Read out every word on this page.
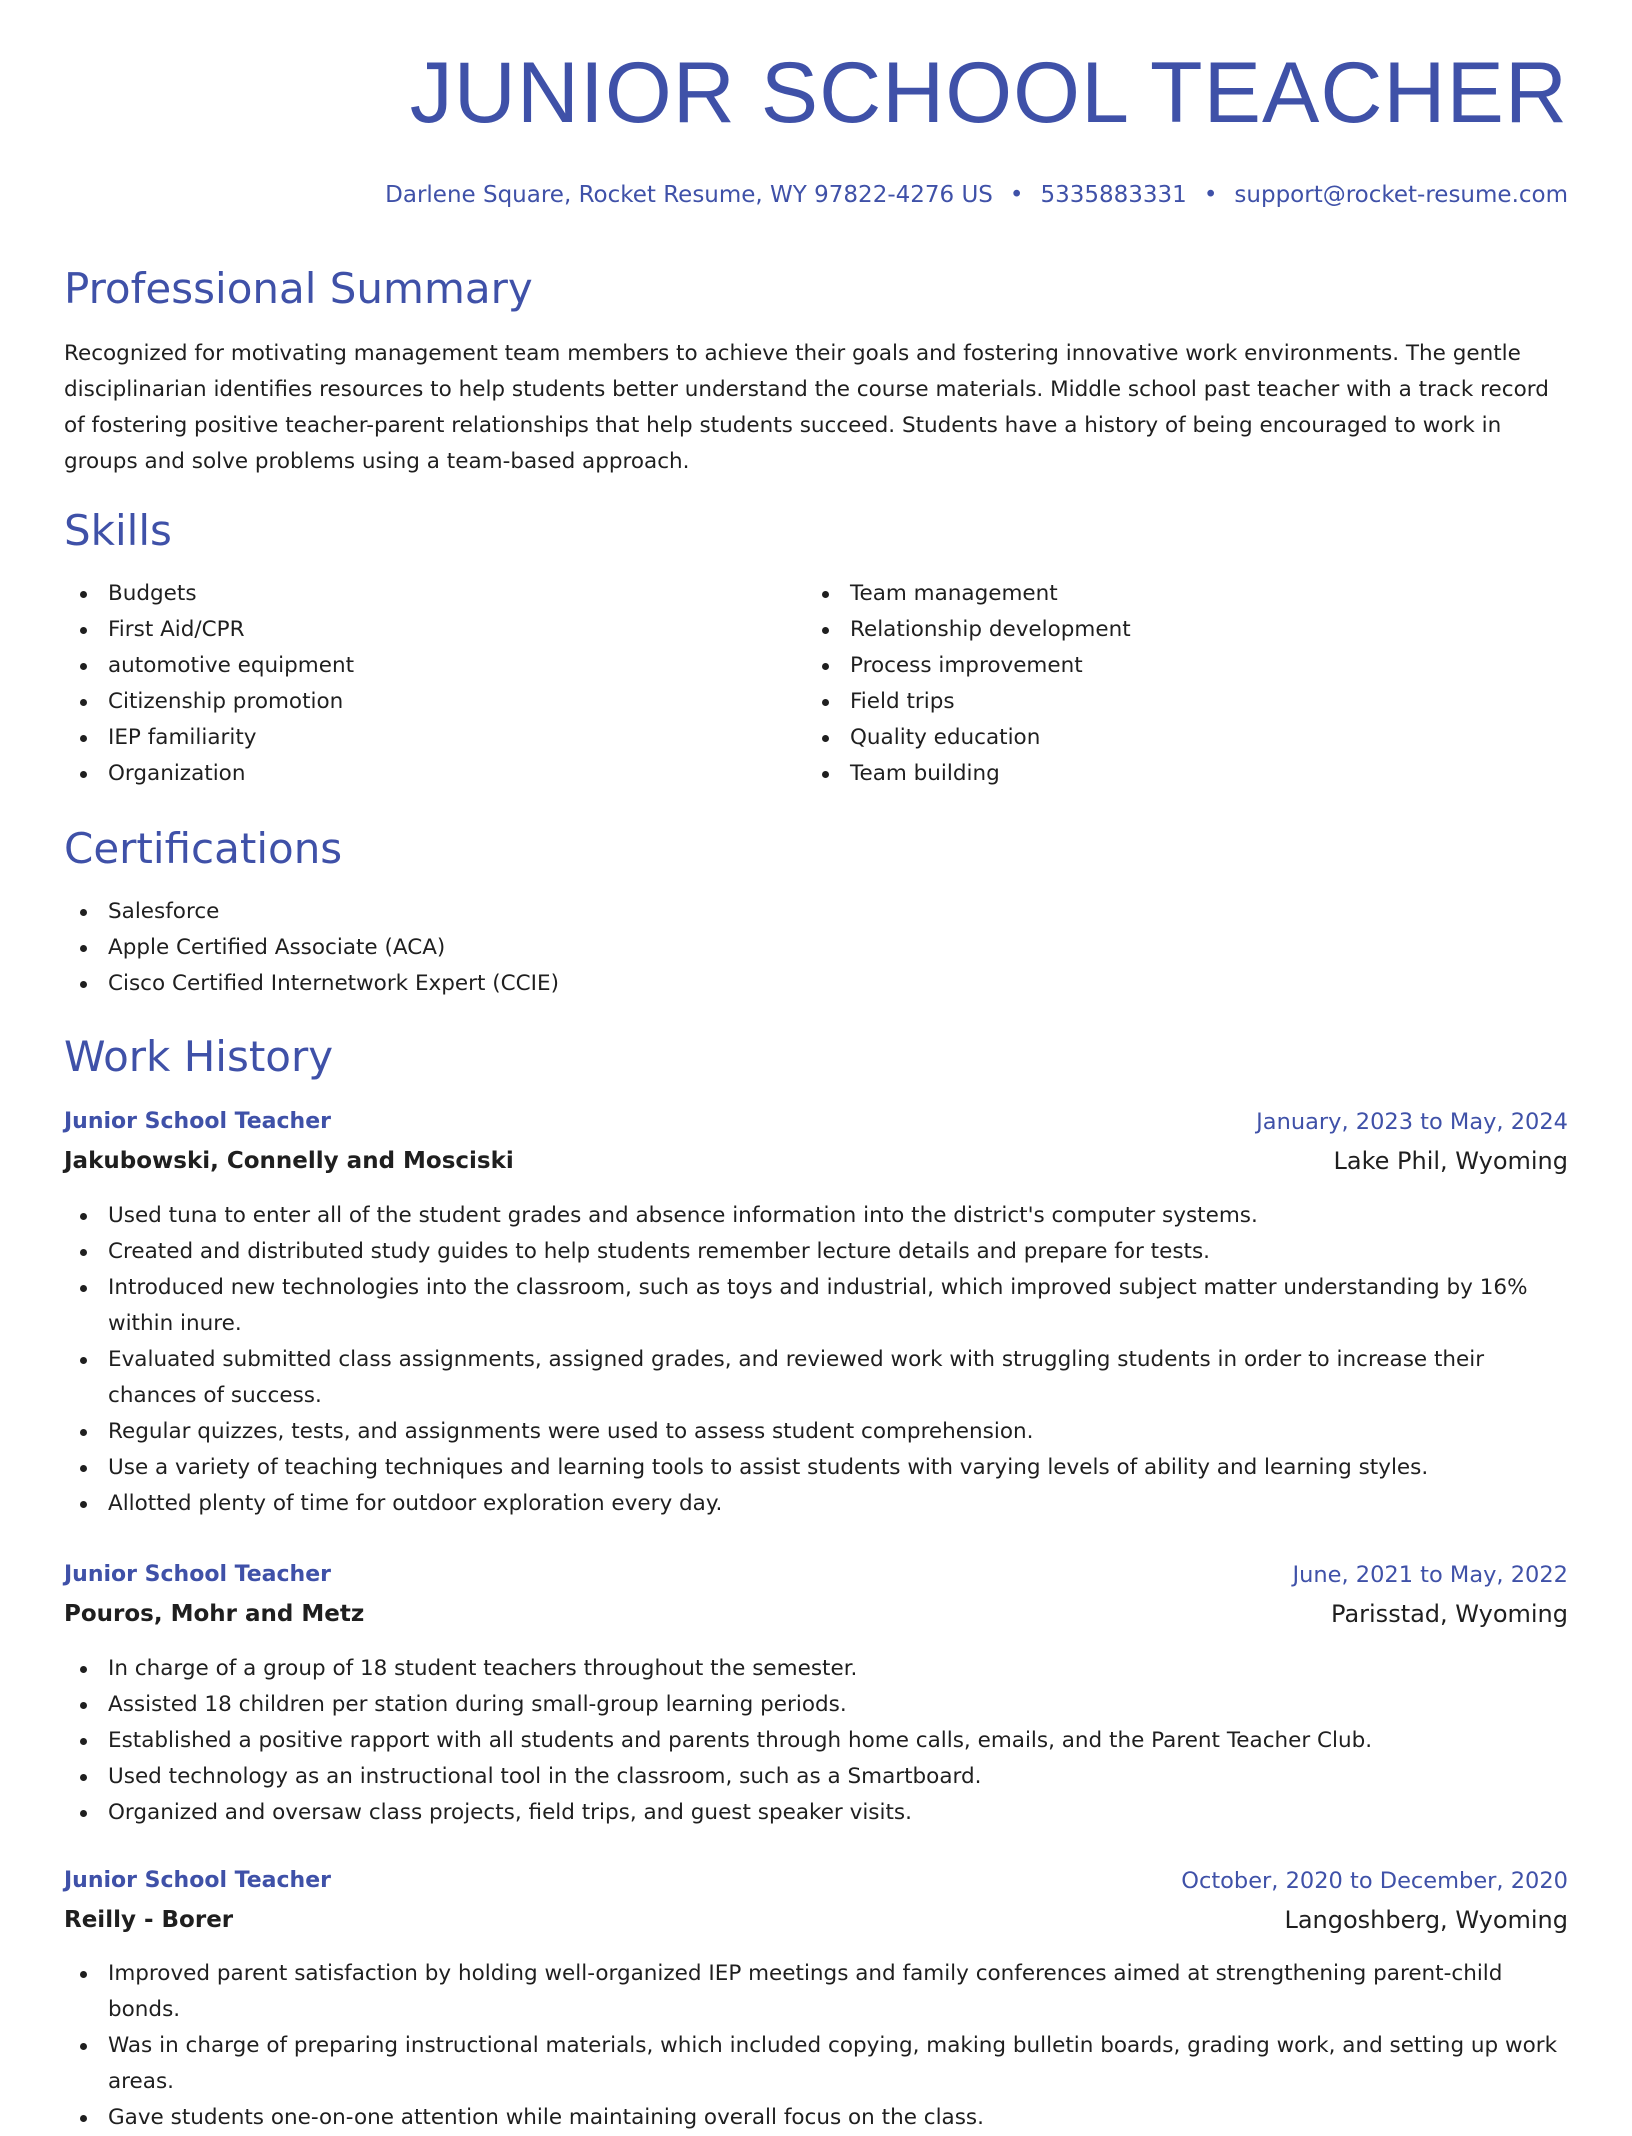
JUNIOR SCHOOL TEACHER
Darlene Square, Rocket Resume, WY 97822-4276 US • 5335883331 • support@rocket-resume.com
Professional Summary

Recognized for motivating management team members to achieve their goals and fostering innovative work environments. The gentle disciplinarian identifies resources to help students better understand the course materials. Middle school past teacher with a track record of fostering positive teacher-parent relationships that help students succeed. Students have a history of being encouraged to work in groups and solve problems using a team-based approach.

Skills
Budgets
First Aid/CPR
automotive equipment
Citizenship promotion
IEP familiarity
Organization
Team management
Relationship development
Process improvement
Field trips
Quality education
Team building
Certifications
Salesforce
Apple Certified Associate (ACA)
Cisco Certified Internetwork Expert (CCIE)
Work History
Junior School Teacher	January, 2023 to May, 2024
Jakubowski, Connelly and Mosciski	Lake Phil, Wyoming
Used tuna to enter all of the student grades and absence information into the district's computer systems.
Created and distributed study guides to help students remember lecture details and prepare for tests.
Introduced new technologies into the classroom, such as toys and industrial, which improved subject matter understanding by 16% within inure.
Evaluated submitted class assignments, assigned grades, and reviewed work with struggling students in order to increase their chances of success.
Regular quizzes, tests, and assignments were used to assess student comprehension.
Use a variety of teaching techniques and learning tools to assist students with varying levels of ability and learning styles.
Allotted plenty of time for outdoor exploration every day.
Junior School Teacher	June, 2021 to May, 2022
Pouros, Mohr and Metz	Parisstad, Wyoming
In charge of a group of 18 student teachers throughout the semester.
Assisted 18 children per station during small-group learning periods.
Established a positive rapport with all students and parents through home calls, emails, and the Parent Teacher Club.
Used technology as an instructional tool in the classroom, such as a Smartboard.
Organized and oversaw class projects, field trips, and guest speaker visits.
Junior School Teacher	October, 2020 to December, 2020
Reilly - Borer	Langoshberg, Wyoming
Improved parent satisfaction by holding well-organized IEP meetings and family conferences aimed at strengthening parent-child bonds.
Was in charge of preparing instructional materials, which included copying, making bulletin boards, grading work, and setting up work areas.
Gave students one-on-one attention while maintaining overall focus on the class.
